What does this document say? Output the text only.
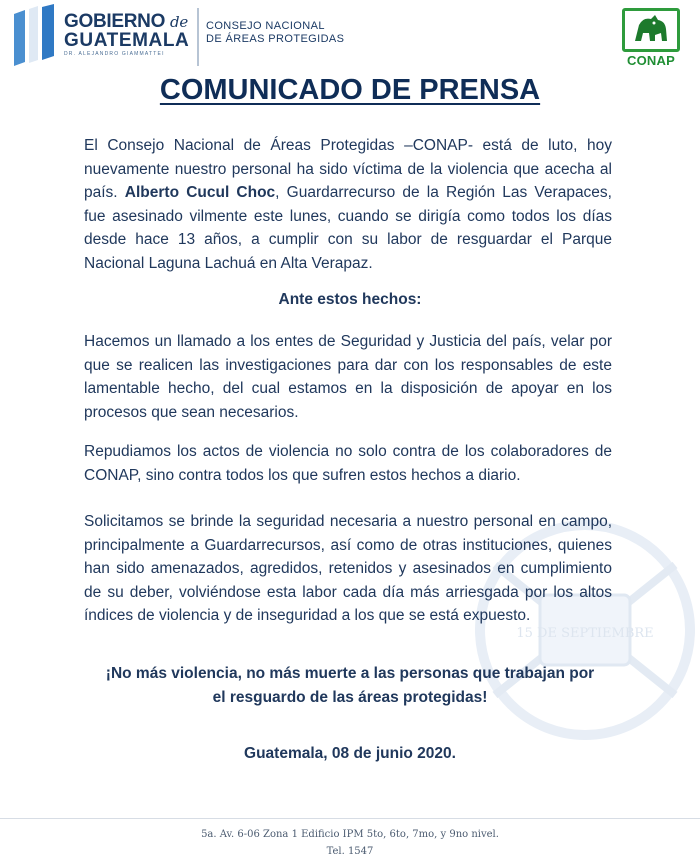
GOBIERNO de
GUATEMALA
DR. ALEJANDRO GIAMMATTEI
CONSEJO NACIONAL
DE ÁREAS PROTEGIDAS
CONAP
15 DE SEPTIEMBRE
COMUNICADO DE PRENSA
El Consejo Nacional de Áreas Protegidas –CONAP- está de luto, hoy nuevamente nuestro personal ha sido víctima de la violencia que acecha al país. Alberto Cucul Choc, Guardarrecurso de la Región Las Verapaces, fue asesinado vilmente este lunes, cuando se dirigía como todos los días desde hace 13 años, a cumplir con su labor de resguardar el Parque Nacional Laguna Lachuá en Alta Verapaz.
Ante estos hechos:
Hacemos un llamado a los entes de Seguridad y Justicia del país, velar por que se realicen las investigaciones para dar con los responsables de este lamentable hecho, del cual estamos en la disposición de apoyar en los procesos que sean necesarios.
Repudiamos los actos de violencia no solo contra de los colaboradores de CONAP, sino contra todos los que sufren estos hechos a diario.
Solicitamos se brinde la seguridad necesaria a nuestro personal en campo, principalmente a Guardarrecursos, así como de otras instituciones, quienes han sido amenazados, agredidos, retenidos y asesinados en cumplimiento de su deber, volviéndose esta labor cada día más arriesgada por los altos índices de violencia y de inseguridad a los que se está expuesto.
¡No más violencia, no más muerte a las personas que trabajan por
el resguardo de las áreas protegidas!
Guatemala, 08 de junio 2020.
5a. Av. 6-06 Zona 1 Edificio IPM 5to, 6to, 7mo, y 9no nivel.
Tel. 1547
